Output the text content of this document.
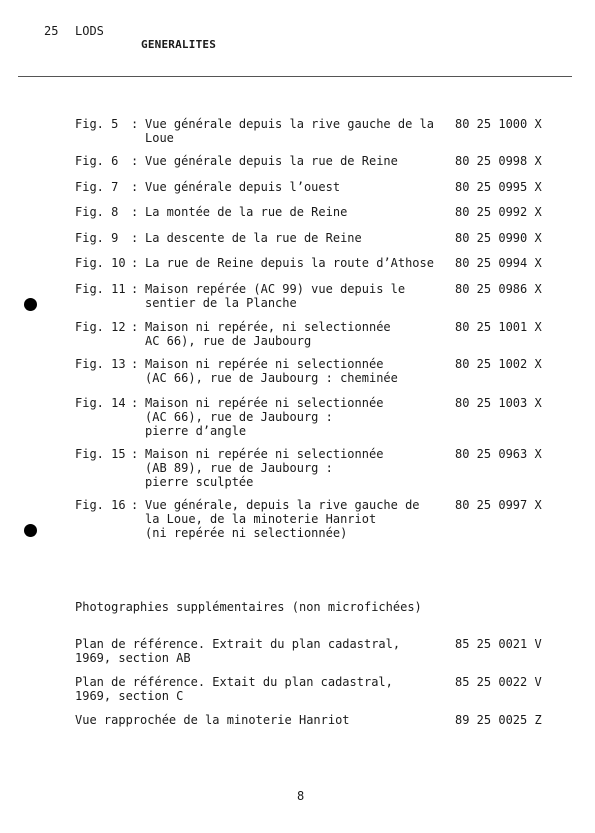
25 LODS
GENERALITES
Fig. 5 : Vue générale depuis la rive gauche de la
Loue
80 25 1000 X
Fig. 6 : Vue générale depuis la rue de Reine	80 25 0998 X
Fig. 7 : Vue générale depuis l’ouest	80 25 0995 X
Fig. 8 : La montée de la rue de Reine	80 25 0992 X
Fig. 9 : La descente de la rue de Reine	80 25 0990 X
Fig. 10 : La rue de Reine depuis la route d’Athose	80 25 0994 X
Fig. 11 : Maison repérée (AC 99) vue depuis le
sentier de la Planche
80 25 0986 X
Fig. 12 : Maison ni repérée, ni selectionnée
AC 66), rue de Jaubourg
80 25 1001 X
Fig. 13 : Maison ni repérée ni selectionnée
(AC 66), rue de Jaubourg : cheminée
80 25 1002 X
Fig. 14 : Maison ni repérée ni selectionnée
(AC 66), rue de Jaubourg :
pierre d’angle
80 25 1003 X
Fig. 15 : Maison ni repérée ni selectionnée
(AB 89), rue de Jaubourg :
pierre sculptée
80 25 0963 X
Fig. 16 : Vue générale, depuis la rive gauche de
la Loue, de la minoterie Hanriot
(ni repérée ni selectionnée)
80 25 0997 X
Photographies supplémentaires (non microfichées)
Plan de référence. Extrait du plan cadastral,
1969, section AB
85 25 0021 V
Plan de référence. Extait du plan cadastral,
1969, section C
85 25 0022 V
Vue rapprochée de la minoterie Hanriot	89 25 0025 Z
8
